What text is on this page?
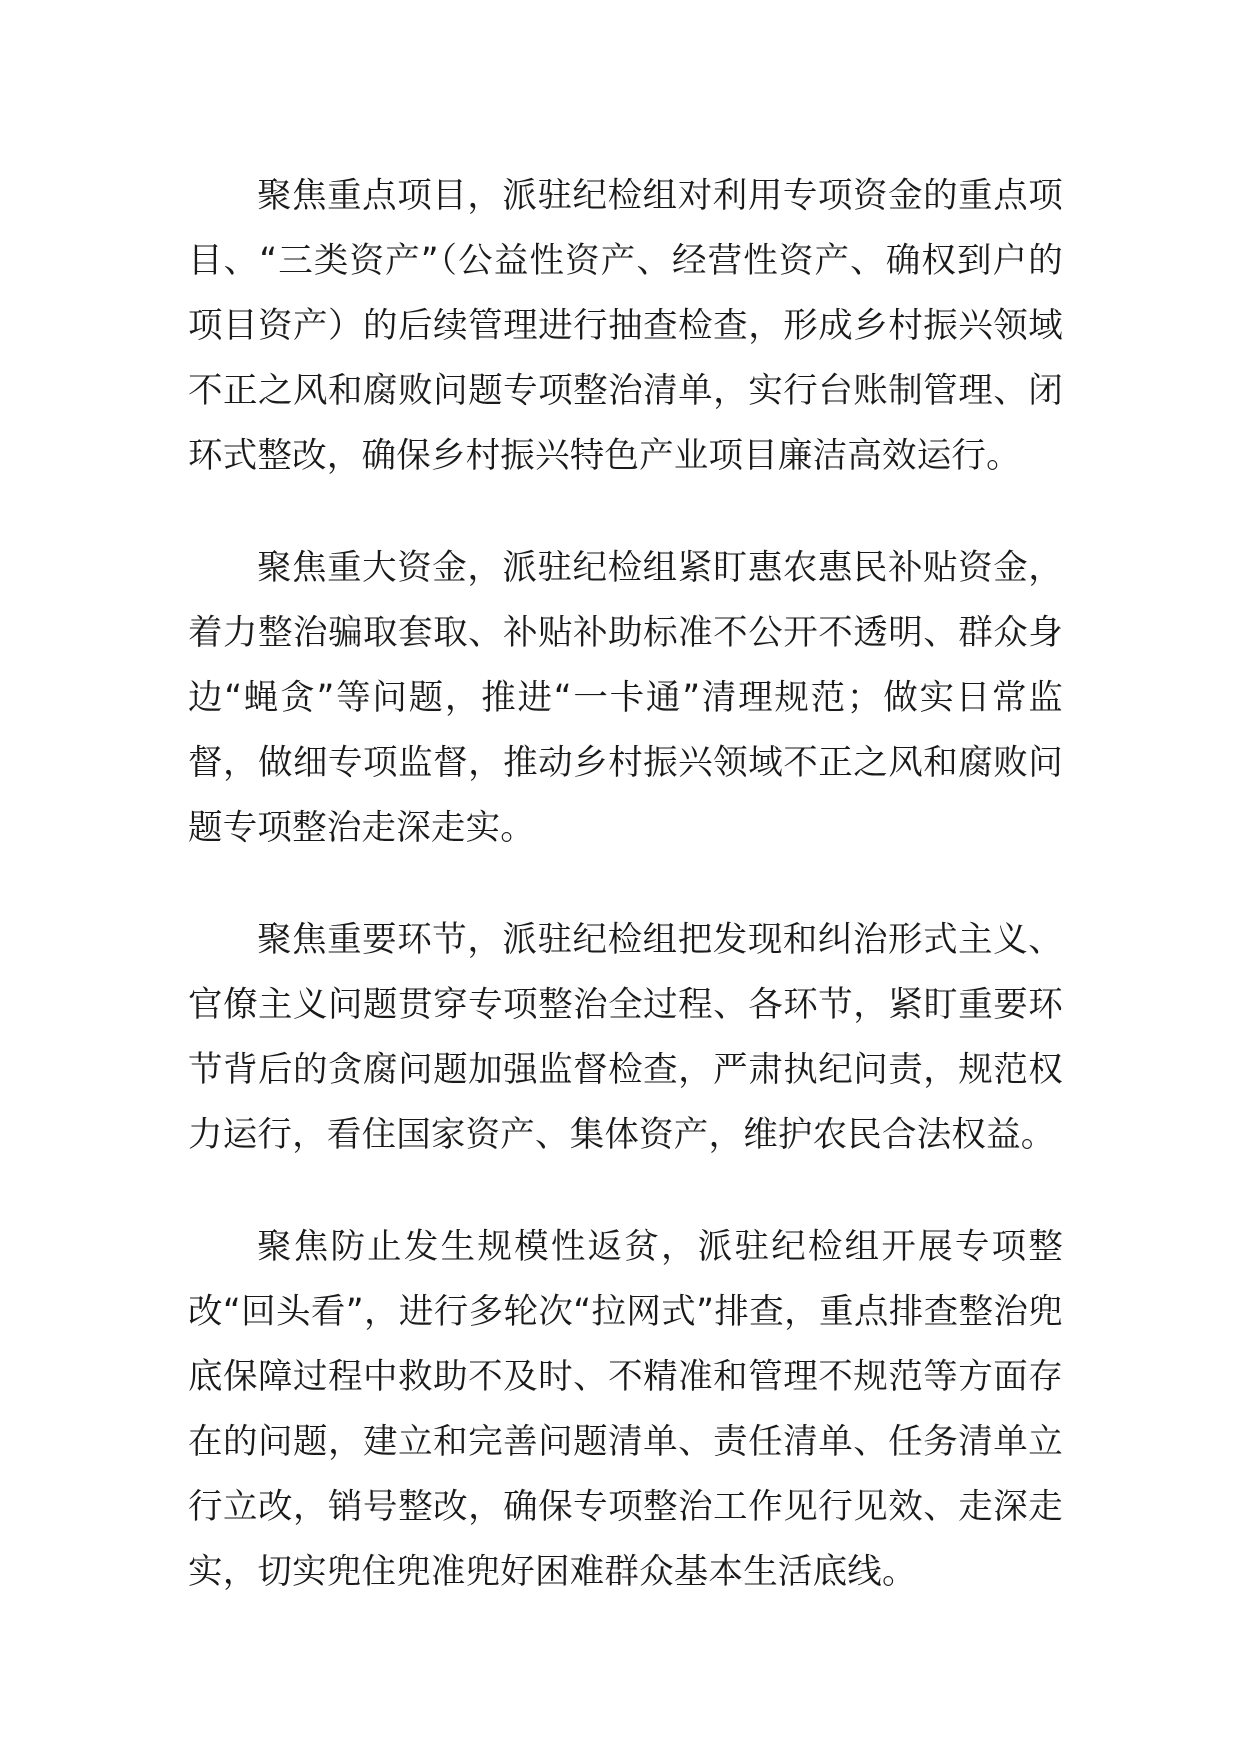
聚焦重点项目，派驻纪检组对利用专项资金的重点项目、“三类资产”（公益性资产、经营性资产、确权到户的项目资产）的后续管理进行抽查检查，形成乡村振兴领域不正之风和腐败问题专项整治清单，实行台账制管理、闭环式整改，确保乡村振兴特色产业项目廉洁高效运行。

聚焦重大资金，派驻纪检组紧盯惠农惠民补贴资金，着力整治骗取套取、补贴补助标准不公开不透明、群众身边“蝇贪”等问题，推进“一卡通”清理规范；做实日常监督，做细专项监督，推动乡村振兴领域不正之风和腐败问题专项整治走深走实。

聚焦重要环节，派驻纪检组把发现和纠治形式主义、官僚主义问题贯穿专项整治全过程、各环节，紧盯重要环节背后的贪腐问题加强监督检查，严肃执纪问责，规范权力运行，看住国家资产、集体资产，维护农民合法权益。

聚焦防止发生规模性返贫，派驻纪检组开展专项整改“回头看”，进行多轮次“拉网式”排查，重点排查整治兜底保障过程中救助不及时、不精准和管理不规范等方面存在的问题，建立和完善问题清单、责任清单、任务清单立行立改，销号整改，确保专项整治工作见行见效、走深走实，切实兜住兜准兜好困难群众基本生活底线。
